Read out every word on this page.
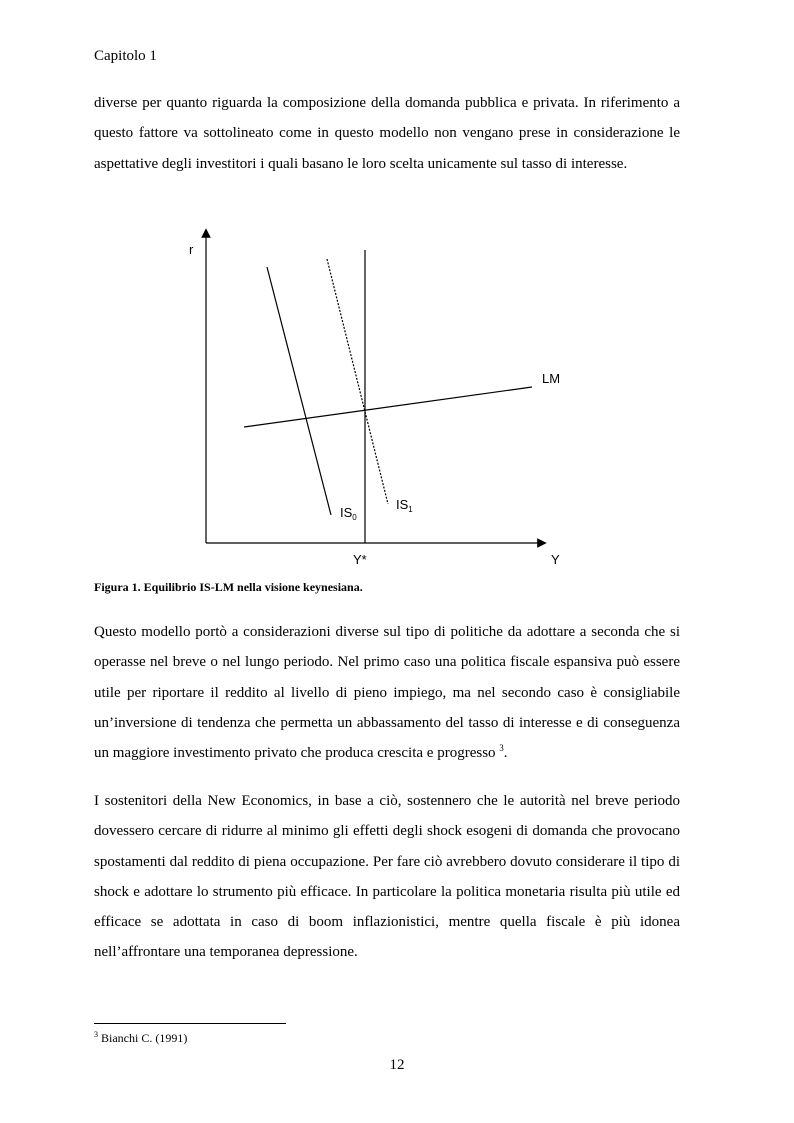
Capitolo 1

diverse per quanto riguarda la composizione della domanda pubblica e privata. In riferimento a questo fattore va sottolineato come in questo modello non vengano prese in considerazione le aspettative degli investitori i quali basano le loro scelta unicamente sul tasso di interesse.

r
Y
Y*
LM
$IS_0$
$IS_1$
Figura 1. Equilibrio IS-LM nella visione keynesiana.

Questo modello portò a considerazioni diverse sul tipo di politiche da adottare a seconda che si operasse nel breve o nel lungo periodo. Nel primo caso una politica fiscale espansiva può essere utile per riportare il reddito al livello di pieno impiego, ma nel secondo caso è consigliabile un’inversione di tendenza che permetta un abbassamento del tasso di interesse e di conseguenza un maggiore investimento privato che produca crescita e progresso $^3$.

I sostenitori della New Economics, in base a ciò, sostennero che le autorità nel breve periodo dovessero cercare di ridurre al minimo gli effetti degli shock esogeni di domanda che provocano spostamenti dal reddito di piena occupazione. Per fare ciò avrebbero dovuto considerare il tipo di shock e adottare lo strumento più efficace. In particolare la politica monetaria risulta più utile ed efficace se adottata in caso di boom inflazionistici, mentre quella fiscale è più idonea nell’affrontare una temporanea depressione.

$^3$ Bianchi C. (1991)
12
